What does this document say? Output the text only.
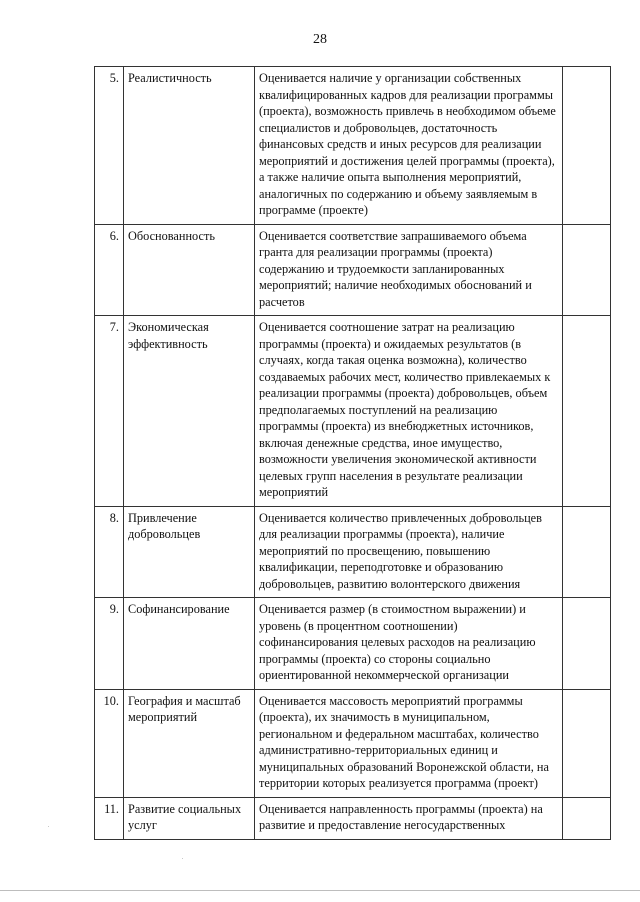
28
5.	Реалистичность	Оценивается наличие у организации собственных квалифицированных кадров для реализации программы (проекта), возможность привлечь в необходимом объеме специалистов и добровольцев, достаточность финансовых средств и иных ресурсов для реализации мероприятий и достижения целей программы (проекта), а также наличие опыта выполнения мероприятий, аналогичных по содержанию и объему заявляемым в программе (проекте)	
6.	Обоснованность	Оценивается соответствие запрашиваемого объема гранта для реализации программы (проекта) содержанию и трудоемкости запланированных мероприятий; наличие необходимых обоснований и расчетов	
7.	Экономическая эффективность	Оценивается соотношение затрат на реализацию программы (проекта) и ожидаемых результатов (в случаях, когда такая оценка возможна), количество создаваемых рабочих мест, количество привлекаемых к реализации программы (проекта) добровольцев, объем предполагаемых поступлений на реализацию программы (проекта) из внебюджетных источников, включая денежные средства, иное имущество, возможности увеличения экономической активности целевых групп населения в результате реализации мероприятий	
8.	Привлечение добровольцев	Оценивается количество привлеченных добровольцев для реализации программы (проекта), наличие мероприятий по просвещению, повышению квалификации, переподготовке и образованию добровольцев, развитию волонтерского движения	
9.	Софинансирование	Оценивается размер (в стоимостном выражении) и уровень (в процентном соотношении) софинансирования целевых расходов на реализацию программы (проекта) со стороны социально ориентированной некоммерческой организации	
10.	География и масштаб мероприятий	Оценивается массовость мероприятий программы (проекта), их значимость в муниципальном, региональном и федеральном масштабах, количество административно-территориальных единиц и муниципальных образований Воронежской области, на территории которых реализуется программа (проект)	
11.	Развитие социальных услуг	Оценивается направленность программы (проекта) на развитие и предоставление негосударственных	
